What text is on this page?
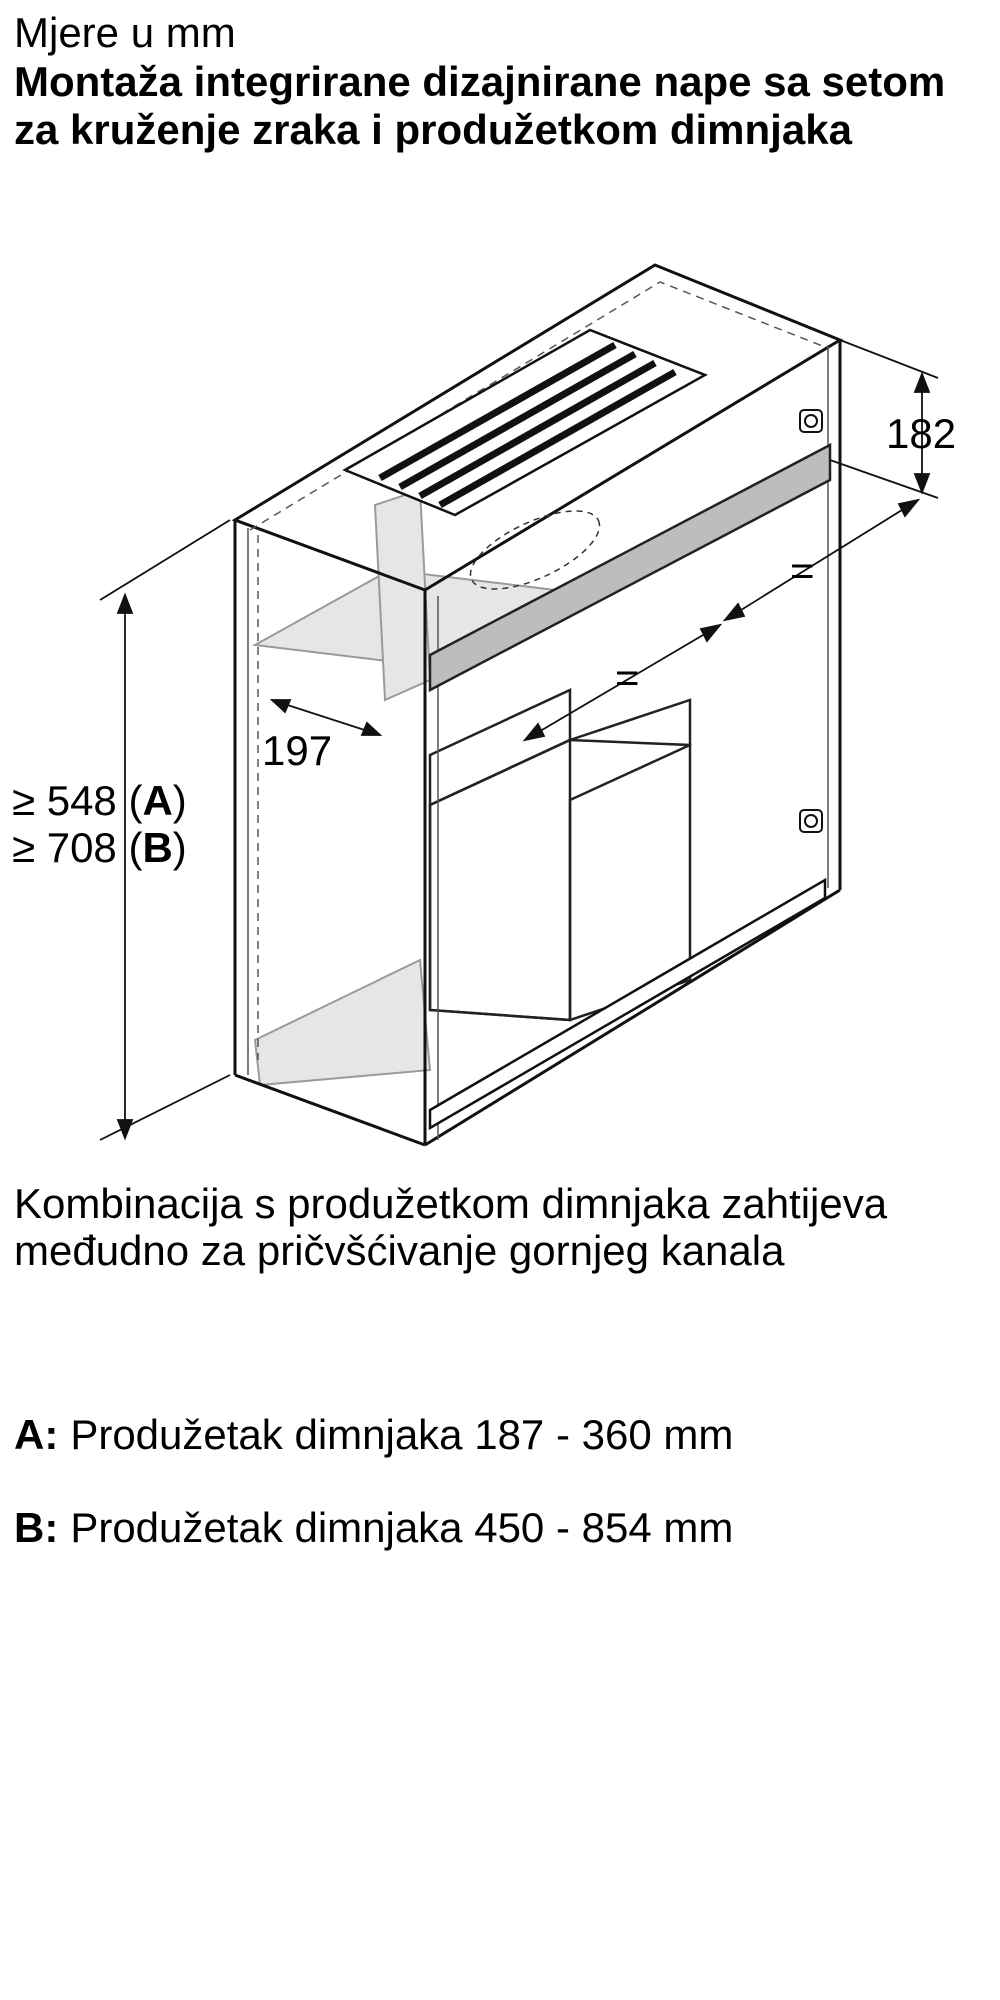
Mjere u mm
Montaža integrirane dizajnirane nape sa setom za kruženje zraka i produžetkom dimnjaka
182
=
=
197
≥ 548 (A)
≥ 708 (B)
Kombinacija s produžetkom dimnjaka zahtijeva međudno za pričvšćivanje gornjeg kanala
A: Produžetak dimnjaka 187 - 360 mm
B: Produžetak dimnjaka 450 - 854 mm
